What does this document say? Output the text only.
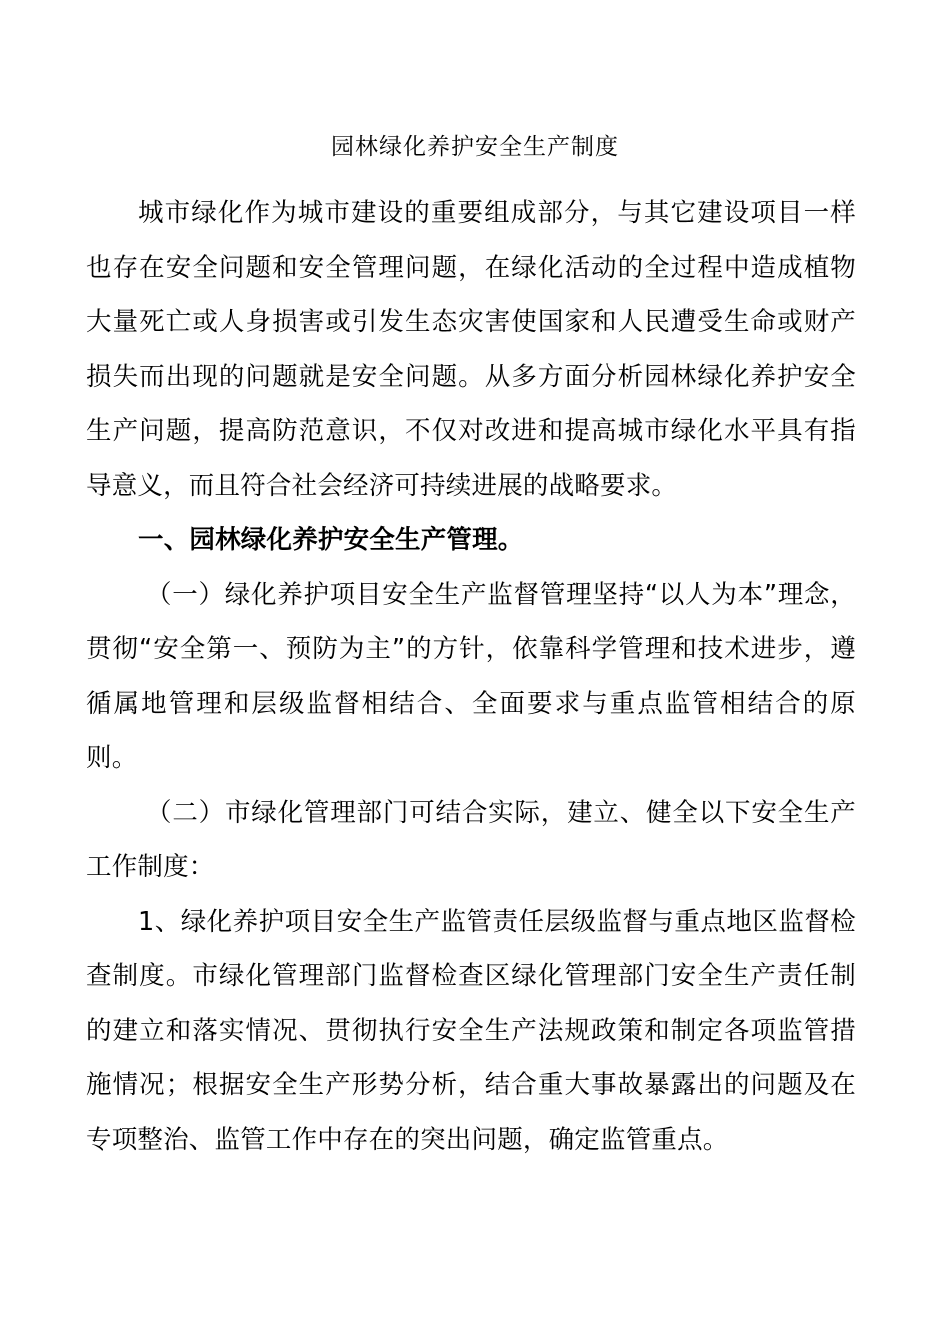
园林绿化养护安全生产制度

城市绿化作为城市建设的重要组成部分，与其它建设项目一样也存在安全问题和安全管理问题，在绿化活动的全过程中造成植物大量死亡或人身损害或引发生态灾害使国家和人民遭受生命或财产损失而出现的问题就是安全问题。从多方面分析园林绿化养护安全生产问题，提高防范意识，不仅对改进和提高城市绿化水平具有指导意义，而且符合社会经济可持续进展的战略要求。

一、园林绿化养护安全生产管理。

（一）绿化养护项目安全生产监督管理坚持“以人为本”理念，贯彻“安全第一、预防为主”的方针，依靠科学管理和技术进步，遵循属地管理和层级监督相结合、全面要求与重点监管相结合的原则。

（二）市绿化管理部门可结合实际，建立、健全以下安全生产工作制度：

1、绿化养护项目安全生产监管责任层级监督与重点地区监督检查制度。市绿化管理部门监督检查区绿化管理部门安全生产责任制的建立和落实情况、贯彻执行安全生产法规政策和制定各项监管措施情况；根据安全生产形势分析，结合重大事故暴露出的问题及在专项整治、监管工作中存在的突出问题，确定监管重点。
